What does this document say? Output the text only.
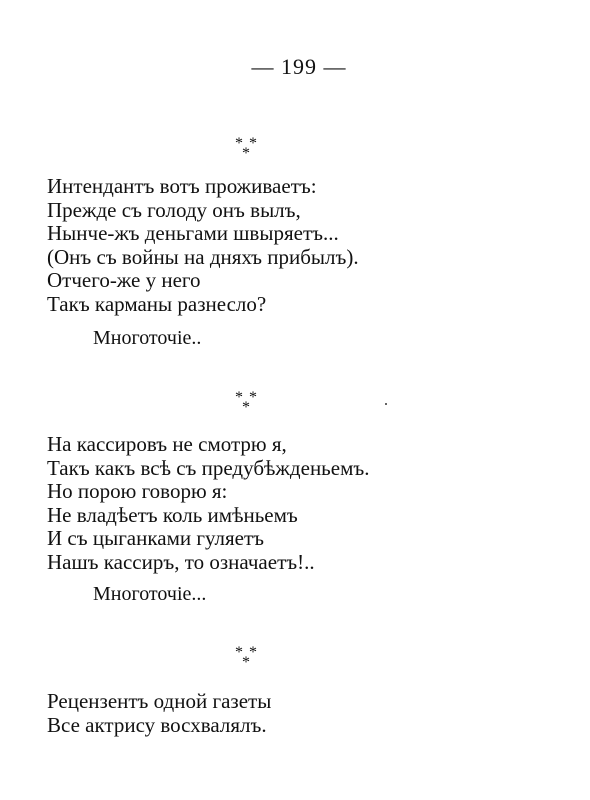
— 199 —
* *
*
Интендантъ вотъ проживаетъ:
Прежде съ голоду онъ вылъ,
Нынче-жъ деньгами швыряетъ...
(Онъ съ войны на дняхъ прибылъ).
Отчего-же у него
Такъ карманы разнесло?
Многоточіе..
* *
*
На кассировъ не смотрю я,
Такъ какъ всѣ съ предубѣжденьемъ.
Но порою говорю я:
Не владѣетъ коль имѣньемъ
И съ цыганками гуляетъ
Нашъ кассиръ, то означаетъ!..
Многоточіе...
* *
*
Рецензентъ одной газеты
Все актрису восхвалялъ.
